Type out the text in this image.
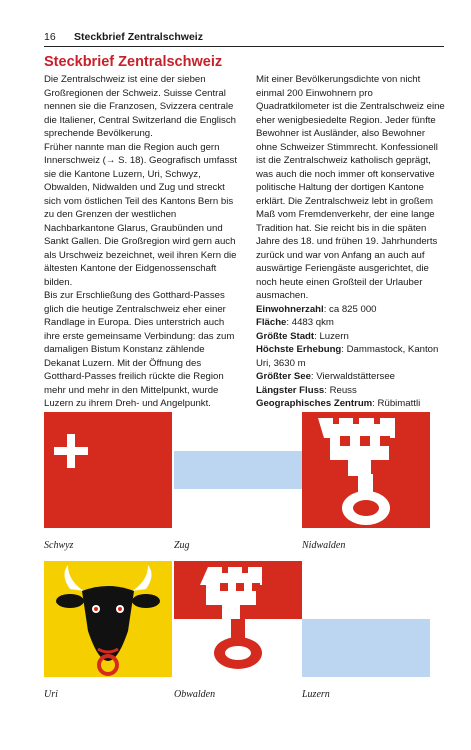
16 Steckbrief Zentralschweiz
Steckbrief Zentralschweiz

Die Zentralschweiz ist eine der sieben Großregionen der Schweiz. Suisse Central nennen sie die Franzosen, Svizzera centrale die Italiener, Central Switzerland die Englisch sprechende Bevölkerung.

Früher nannte man die Region auch gern Innerschweiz (→ S. 18). Geografisch umfasst sie die Kantone Luzern, Uri, Schwyz, Obwalden, Nidwalden und Zug und streckt sich vom östlichen Teil des Kantons Bern bis zu den Grenzen der westlichen Nachbarkantone Glarus, Graubünden und Sankt Gallen. Die Großregion wird gern auch als Urschweiz bezeichnet, weil ihren Kern die ältesten Kantone der Eidgenossenschaft bilden.

Bis zur Erschließung des Gotthard-Passes glich die heutige Zentralschweiz eher einer Randlage in Europa. Dies unterstrich auch ihre erste gemeinsame Verbindung: das zum damaligen Bistum Konstanz zählende Dekanat Luzern. Mit der Öffnung des Gotthard-Passes freilich rückte die Region mehr und mehr in den Mittelpunkt, wurde Luzern zu ihrem Dreh- und Angelpunkt.

Mit einer Bevölkerungsdichte von nicht einmal 200 Einwohnern pro Quadratkilometer ist die Zentralschweiz eine eher wenigbesiedelte Region. Jeder fünfte Bewohner ist Ausländer, also Bewohner ohne Schweizer Stimmrecht. Konfessionell ist die Zentralschweiz katholisch geprägt, was auch die noch immer oft konservative politische Haltung der dortigen Kantone erklärt. Die Zentralschweiz lebt in großem Maß vom Fremdenverkehr, der eine lange Tradition hat. Sie reicht bis in die späten Jahre des 18. und frühen 19. Jahrhunderts zurück und war von Anfang an auch auf auswärtige Feriengäste ausgerichtet, die noch heute einen Großteil der Urlauber ausmachen.

Einwohnerzahl: ca 825 000
Fläche: 4483 qkm
Größte Stadt: Luzern
Höchste Erhebung: Dammastock, Kanton Uri, 3630 m
Größter See: Vierwaldstättersee
Längster Fluss: Reuss
Geographisches Zentrum: Rübimattli
Schwyz	Zug	Nidwalden
Uri	Obwalden	Luzern
